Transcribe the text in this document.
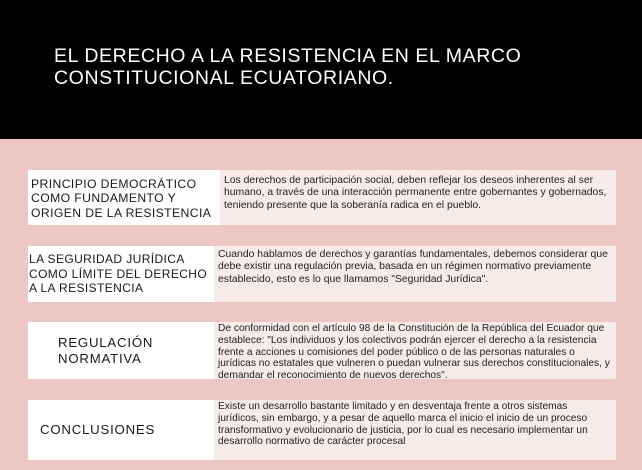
EL DERECHO A LA RESISTENCIA EN EL MARCO CONSTITUCIONAL ECUATORIANO.
PRINCIPIO DEMOCRÁTICO COMO FUNDAMENTO Y ORIGEN DE LA RESISTENCIA
Los derechos de participación social, deben reflejar los deseos inherentes al ser humano, a través de una interacción permanente entre gobernantes y gobernados, teniendo presente que la soberanía radica en el pueblo.
LA SEGURIDAD JURÍDICA COMO LÍMITE DEL DERECHO A LA RESISTENCIA
Cuando hablamos de derechos y garantías fundamentales, debemos considerar que debe existir una regulación previa, basada en un régimen normativo previamente establecido, esto es lo que llamamos "Seguridad Jurídica".
REGULACIÓN NORMATIVA
De conformidad con el artículo 98 de la Constitución de la República del Ecuador que establece: "Los individuos y los colectivos podrán ejercer el derecho a la resistencia frente a acciones u comisiones del poder público o de las personas naturales o jurídicas no estatales que vulneren o puedan vulnerar sus derechos constitucionales, y demandar el reconocimiento de nuevos derechos".
CONCLUSIONES
Existe un desarrollo bastante limitado y en desventaja frente a otros sistemas jurídicos, sin embargo, y a pesar de aquello marca el inicio el inicio de un proceso transformativo y evolucionario de justicia, por lo cual es necesario implementar un desarrollo normativo de carácter procesal
